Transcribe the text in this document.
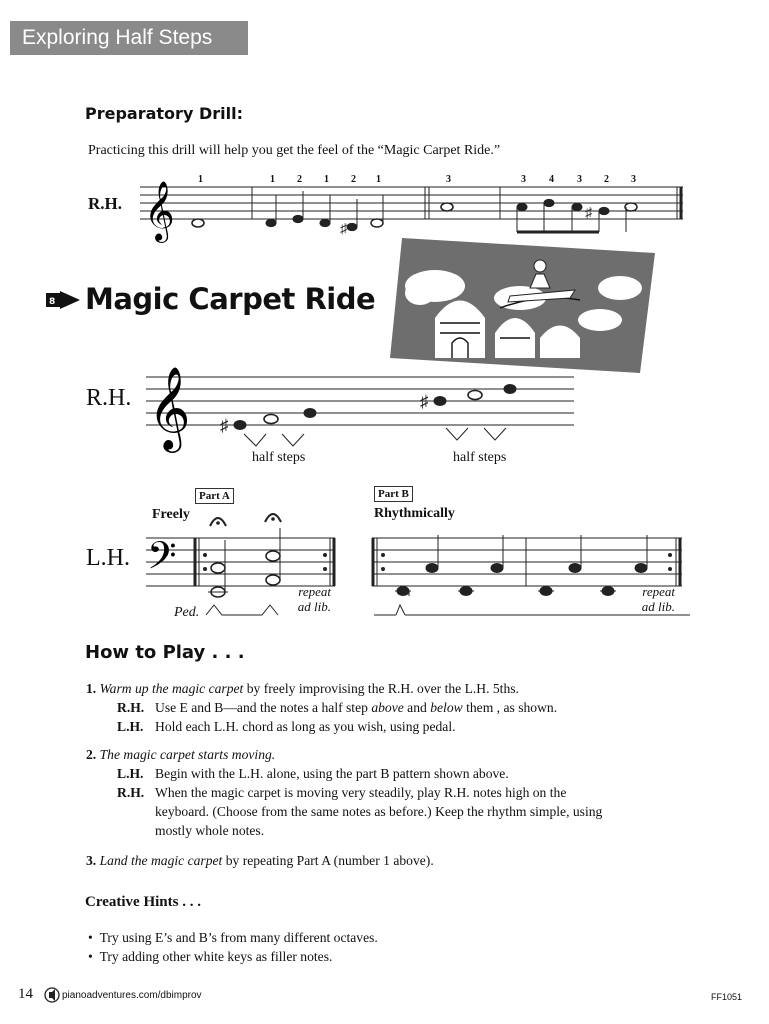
Exploring Half Steps
Preparatory Drill:
Practicing this drill will help you get the feel of the “Magic Carpet Ride.”
R.H.
1	1 2 1 2 1	3	3 4 3 2 3
𝄞	♯
♯
8 Magic Carpet Ride
R.H. 𝄞 ♯
♯
half steps	half steps
Part A	Part B
Freely	Rhythmically
L.H. 𝄢
Ped.
repeat
ad lib.
repeat
ad lib.
How to Play . . .
1. Warm up the magic carpet by freely improvising the R.H. over the L.H. 5ths.
R.H. Use E and B—and the notes a half step above and below them , as shown.
L.H. Hold each L.H. chord as long as you wish, using pedal.
2. The magic carpet starts moving.
L.H. Begin with the L.H. alone, using the part B pattern shown above.
R.H. When the magic carpet is moving very steadily, play R.H. notes high on the
keyboard. (Choose from the same notes as before.) Keep the rhythm simple, using
mostly whole notes.
3. Land the magic carpet by repeating Part A (number 1 above).
Creative Hints . . .
• Try using E’s and B’s from many different octaves.
• Try adding other white keys as filler notes.
14	pianoadventures.com/dbimprov	FF1051
